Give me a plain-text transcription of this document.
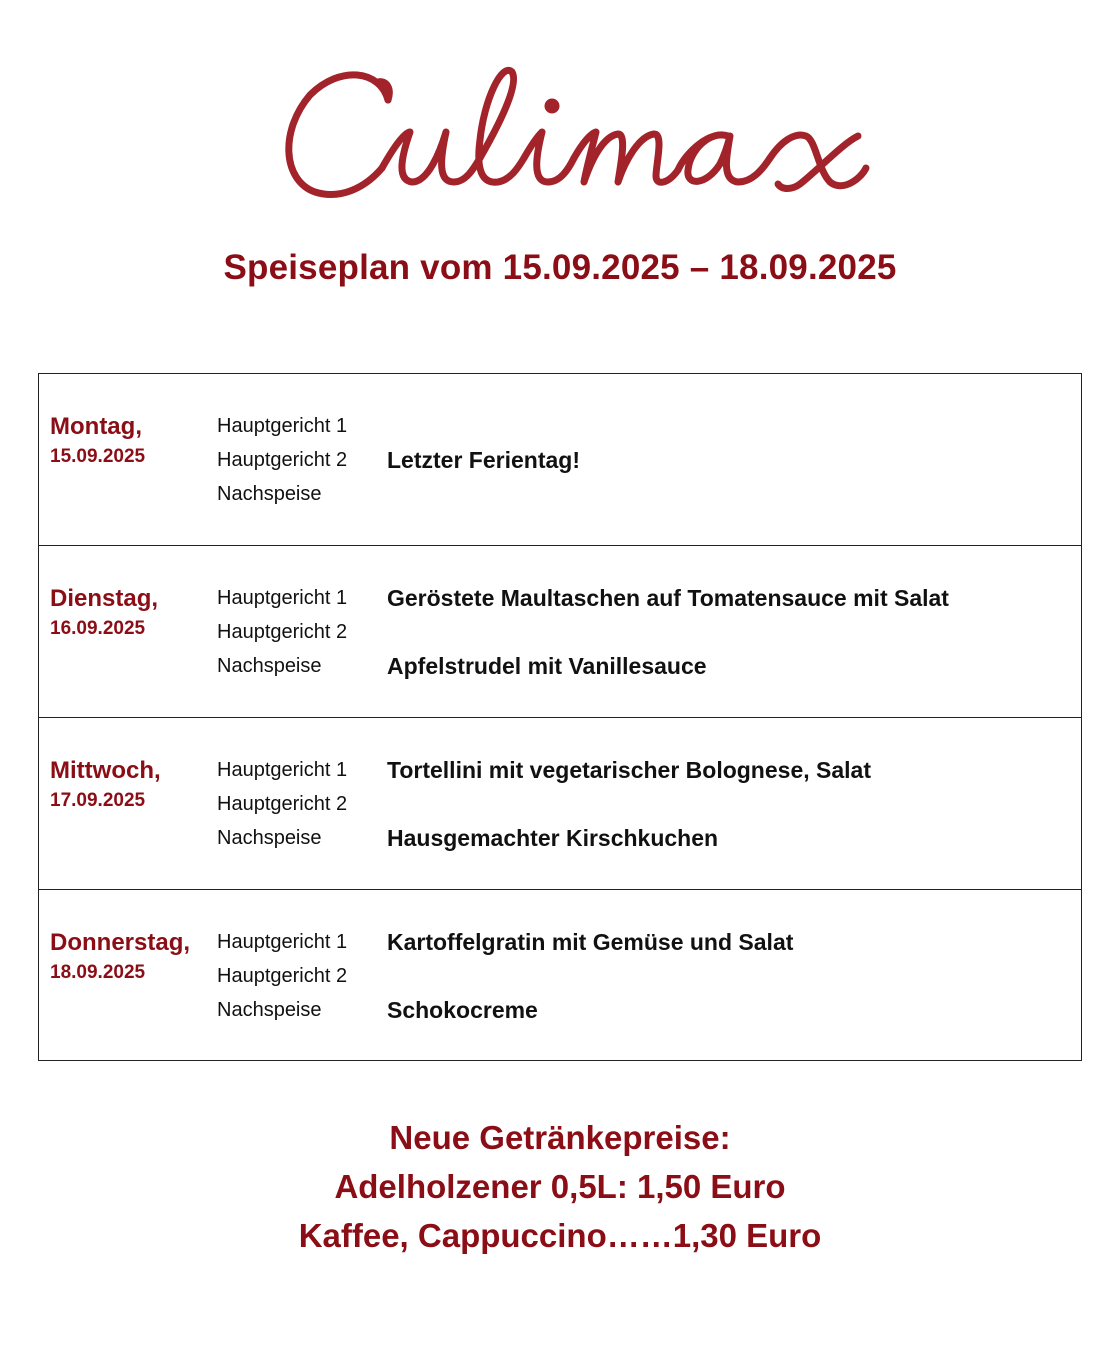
Speiseplan vom 15.09.2025 – 18.09.2025
Montag,
15.09.2025
Hauptgericht 1
Hauptgericht 2
Nachspeise
Letzter Ferientag!
Dienstag,
16.09.2025
Hauptgericht 1
Hauptgericht 2
Nachspeise
Geröstete Maultaschen auf Tomatensauce mit Salat
Apfelstrudel mit Vanillesauce
Mittwoch,
17.09.2025
Hauptgericht 1
Hauptgericht 2
Nachspeise
Tortellini mit vegetarischer Bolognese, Salat
Hausgemachter Kirschkuchen
Donnerstag,
18.09.2025
Hauptgericht 1
Hauptgericht 2
Nachspeise
Kartoffelgratin mit Gemüse und Salat
Schokocreme
Neue Getränkepreise:
Adelholzener 0,5L: 1,50 Euro
Kaffee, Cappuccino……1,30 Euro
